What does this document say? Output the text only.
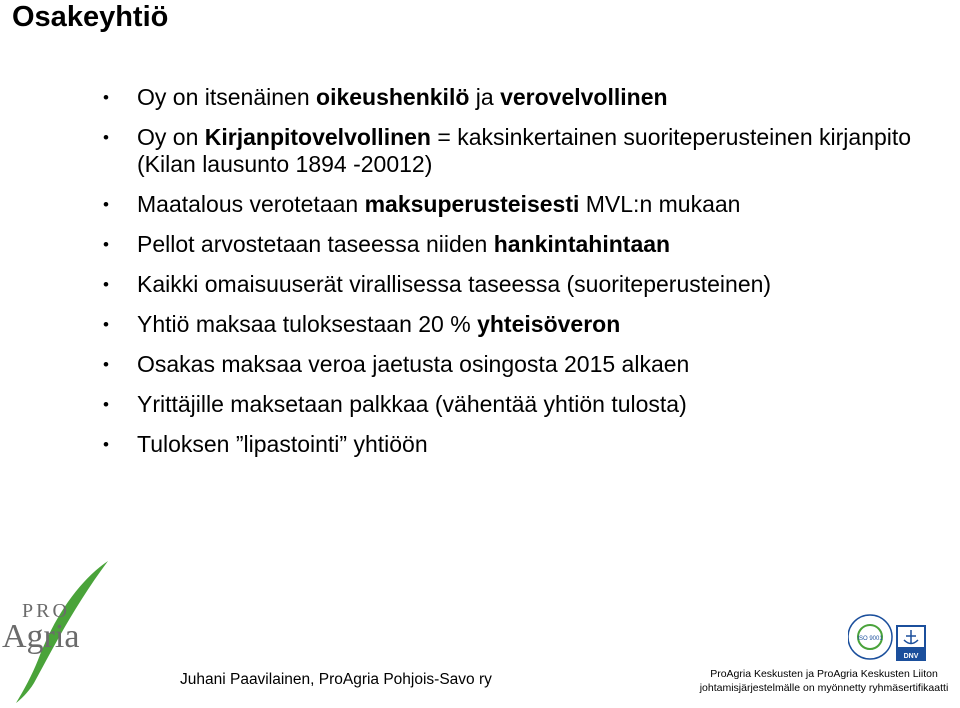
Osakeyhtiö
• Oy on itsenäinen oikeushenkilö ja verovelvollinen
• Oy on Kirjanpitovelvollinen = kaksinkertainen suoriteperusteinen kirjanpito (Kilan lausunto 1894 -20012)
• Maatalous verotetaan maksuperusteisesti MVL:n mukaan
• Pellot arvostetaan taseessa niiden hankintahintaan
• Kaikki omaisuuserät virallisessa taseessa (suoriteperusteinen)
• Yhtiö maksaa tuloksestaan 20 % yhteisöveron
• Osakas maksaa veroa jaetusta osingosta 2015 alkaen
• Yrittäjille maksetaan palkkaa (vähentää yhtiön tulosta)
• Tuloksen ”lipastointi” yhtiöön
PRO
Agria
Juhani Paavilainen, ProAgria Pohjois-Savo ry	ProAgria Keskusten ja ProAgria Keskusten Liiton
johtamisjärjestelmälle on myönnetty ryhmäsertifikaatti
ISO 9001
DNV
